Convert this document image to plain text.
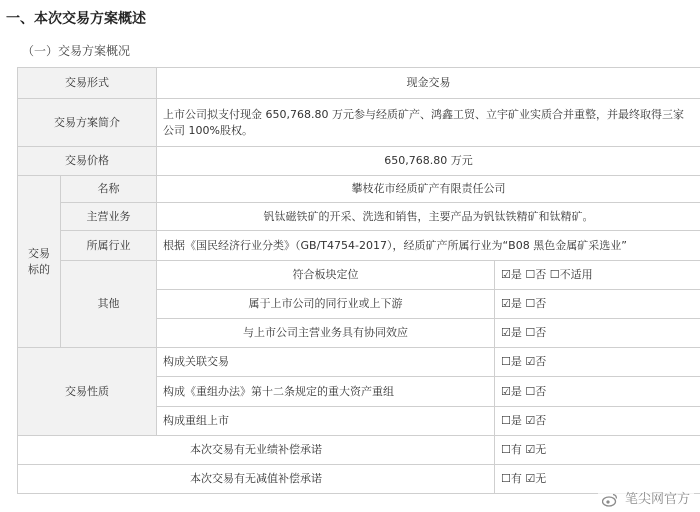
一、本次交易方案概述
（一）交易方案概况
交易形式		现金交易	
交易方案简介		上市公司拟支付现金 650,768.80 万元参与经质矿产、鸿鑫工贸、立宇矿业实质合并重整，并最终取得三家公司 100%股权。	
交易价格		650,768.80 万元	
交易标的	名称	攀枝花市经质矿产有限责任公司	
	主营业务	钒钛磁铁矿的开采、洗选和销售，主要产品为钒钛铁精矿和钛精矿。	
	所属行业	根据《国民经济行业分类》（GB/T4754-2017），经质矿产所属行业为“B08 黑色金属矿采选业”	
	其他	符合板块定位	☑是 ☐否 ☐不适用
		属于上市公司的同行业或上下游	☑是 ☐否
		与上市公司主营业务具有协同效应	☑是 ☐否
交易性质		构成关联交易	☐是 ☑否
		构成《重组办法》第十二条规定的重大资产重组	☑是 ☐否
		构成重组上市	☐是 ☑否
本次交易有无业绩补偿承诺			☐有 ☑无
本次交易有无减值补偿承诺			☐有 ☑无
笔尖网官方
